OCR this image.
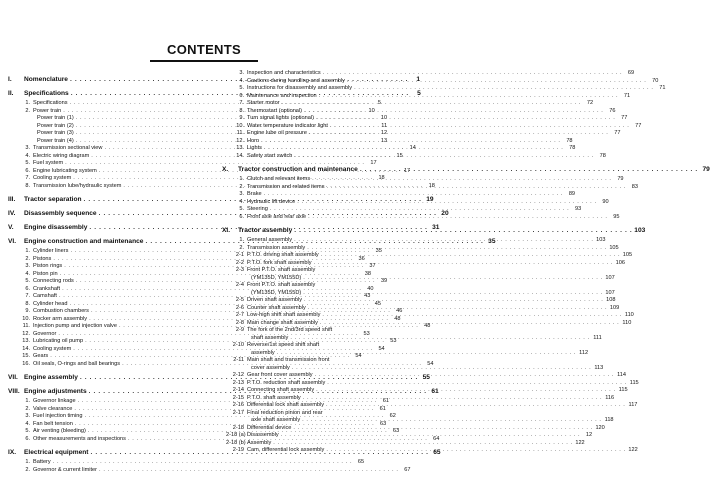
CONTENTS
I.	Nomenclature . . .	1
II.	Specifications . . .	5
1. Specifications . . .	5
2. Power train . . .	10
Power train (1) . . .	10
Power train (2) . . .	11
Power train (3) . . .	12
Power train (4) . . .	13
3. Transmission sectional view . . .	14
4. Electric wiring diagram . . .	15
5. Fuel system . . .	17
6. Engine lubricating system . . .	17
7. Cooling system . . .	18
8. Transmission lube/hydraulic system . . .	18
III.	Tractor separation . . .	19
IV.	Disassembly sequence . . .	20
V.	Engine disassembly . . .	31
VI.	Engine construction and maintenance . . .	35
1. Cylinder liners . . .	35
2. Pistons . . .	36
3. Piston rings . . .	37
4. Piston pin . . .	38
5. Connecting rods . . .	39
6. Crankshaft . . .	40
7. Camshaft . . .	43
8. Cylinder head . . .	45
9. Combustion chambers . . .	46
10. Rocker arm assembly . . .	48
11. Injection pump and injection valve . . .	48
12. Governor . . .	53
13. Lubricating oil pump . . .	53
14. Cooling system . . .	54
15. Gears . . .	54
16. Oil seals, O-rings and ball bearings . . .	54
VII. Engine assembly . . .	55
VIII. Engine adjustments . . .	61
1. Governor linkage . . .	61
2. Valve clearance . . .	61
3. Fuel injection timing . . .	62
4. Fan belt tension . . .	63
5. Air venting (bleeding) . . .	63
6. Other measurements and inspections . . .	64
IX.	Electrical equipment . . .	65
1. Battery . . .	65
2. Governor & current limiter . . .	67
3. Inspection and characteristics . . .	69
4. Cautions during handling and assembly . . .	70
5. Instructions for disassembly and assembly . . .	71
6. Maintenance and inspection . . .	71
7. Starter motor . . .	72
8. Thermostart (optional) . . .	76
9. Turn signal lights (optional) . . .	77
10. Water temperature indicator light . . .	77
11. Engine lube oil pressure . . .	77
12. Horn . . .	78
13. Lights . . .	78
14. Safety start switch . . .	78
X.	Tractor construction and maintenance . . .	79
1. Clutch and relevant items . . .	79
2. Transmission and related items . . .	83
3. Brake . . .	89
4. Hydraulic lift device . . .	90
5. Steering . . .	93
6. Front axle and rear axle . . .	95
XI.	Tractor assembly . . .	103
1. General assembly . . .	103
2. Transmission assembly . . .	105
2-1 P.T.O. driving shaft assembly . . .	105
2-2 P.T.O. fork shaft assembly . . .	106
2-3 Front P.T.O. shaft assembly
(YM135D, YM155D) . . .	107
2-4 Front P.T.O. shaft assembly
(YM135D, YM155D) . . .	107
2-5 Driven shaft assembly . . .	108
2-6 Counter shaft assembly . . .	109
2-7 Low-high shift shaft assembly . . .	110
2-8 Main change shaft assembly . . .	110
2-9 The fork of the 2nd/3rd speed shift
shaft assembly . . .	111
2-10 Reverse/1st speed shift shaft
assembly . . .	112
2-11 Main shaft and transmission front
cover assembly . . .	113
2-12 Gear front cover assembly . . .	114
2-13 P.T.O. reduction shaft assembly . . .	115
2-14 Connecting shaft assembly . . .	115
2-15 P.T.O. shaft assembly . . .	116
2-16 Differential lock shaft assembly . . .	117
2-17 Final reduction pinion and rear
axle shaft assembly . . .	118
2-18 Differential device . . .	120
2-18 (a) Disassembly . . .	12
2-18 (b) Assembly . . .	122
2-19 Cam, differential lock assembly . . .	122
